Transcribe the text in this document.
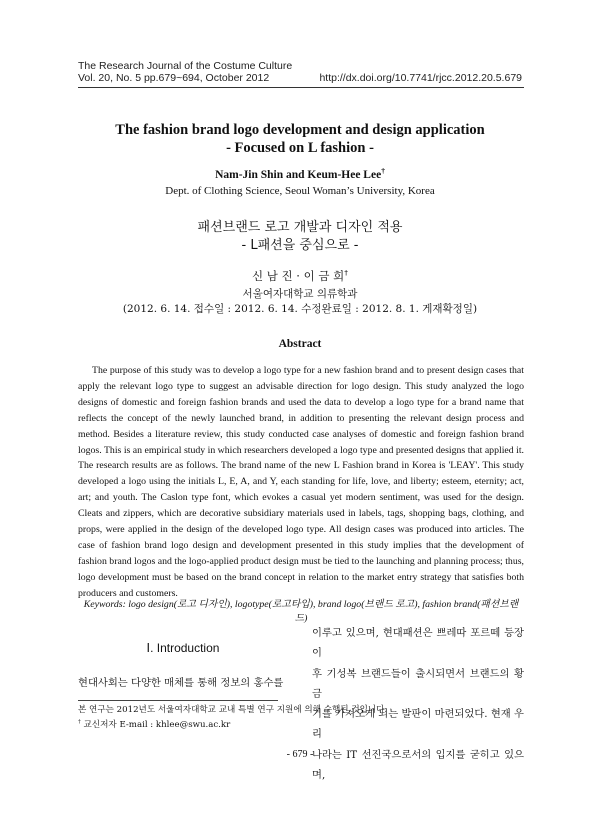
The Research Journal of the Costume Culture
Vol. 20, No. 5 pp.679~694, October 2012	http://dx.doi.org/10.7741/rjcc.2012.20.5.679
The fashion brand logo development and design application
- Focused on L fashion -
Nam-Jin Shin and Keum-Hee Lee†
Dept. of Clothing Science, Seoul Woman’s University, Korea
패션브랜드 로고 개발과 디자인 적용
- L패션을 중심으로 -
신 남 진 · 이 금 희†
서울여자대학교 의류학과
(2012. 6. 14. 접수일 : 2012. 6. 14. 수정완료일 : 2012. 8. 1. 게재확정일)
Abstract
The purpose of this study was to develop a logo type for a new fashion brand and to present design cases that apply the relevant logo type to suggest an advisable direction for logo design. This study analyzed the logo designs of domestic and foreign fashion brands and used the data to develop a logo type for a brand name that reflects the concept of the newly launched brand, in addition to presenting the relevant design process and method. Besides a literature review, this study conducted case analyses of domestic and foreign fashion brand logos. This is an empirical study in which researchers developed a logo type and presented designs that applied it. The research results are as follows. The brand name of the new L Fashion brand in Korea is 'LEAY'. This study developed a logo using the initials L, E, A, and Y, each standing for life, love, and liberty; esteem, eternity; act, art; and youth. The Caslon type font, which evokes a casual yet modern sentiment, was used for the design. Cleats and zippers, which are decorative subsidiary materials used in labels, tags, shopping bags, clothing, and props, were applied in the design of the developed logo type. All design cases was produced into articles. The case of fashion brand logo design and development presented in this study implies that the development of fashion brand logos and the logo-applied product design must be tied to the launching and planning process; thus, logo development must be based on the brand concept in relation to the market entry strategy that satisfies both producers and customers.
Keywords: logo design(로고 디자인), logotype(로고타입), brand logo(브랜드 로고), fashion brand(패션브랜드)
Ⅰ. Introduction
현대사회는 다양한 매체를 통해 정보의 홍수를
이루고 있으며, 현대패션은 쁘레따 포르떼 등장이
후 기성복 브랜드들이 출시되면서 브랜드의 황금
기를 가져오게 되는 발판이 마련되었다. 현재 우리
나라는 IT 선진국으로서의 입지를 굳히고 있으며,
본 연구는 2012년도 서울여자대학교 교내 특별 연구 지원에 의해 수행된 것입니다.
† 교신저자 E-mail : khlee@swu.ac.kr
- 679 -
